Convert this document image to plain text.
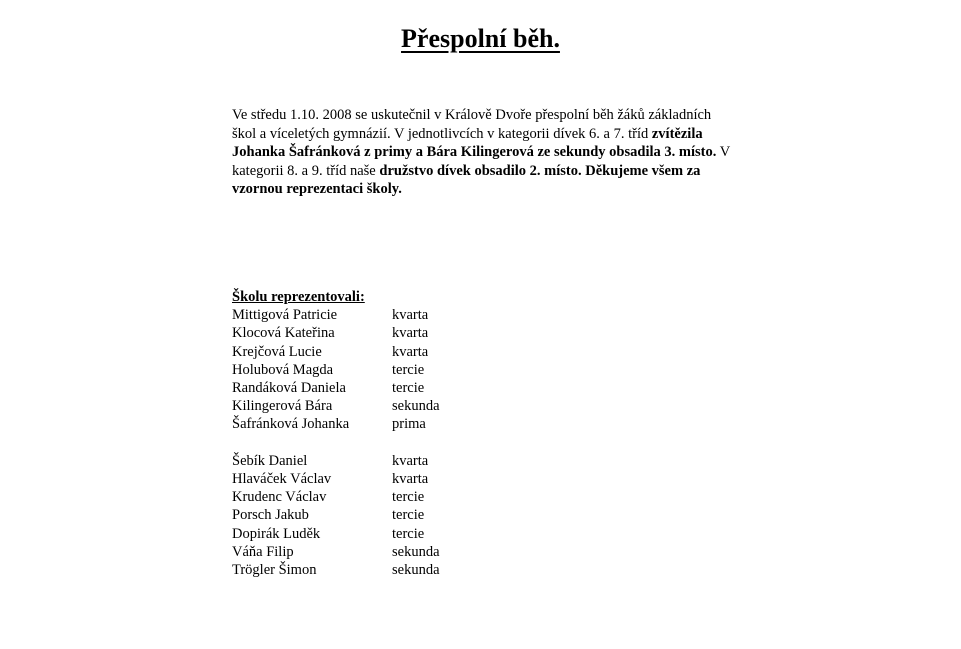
Přespolní běh.

Ve středu 1.10. 2008 se uskutečnil v Králově Dvoře přespolní běh žáků základních škol a víceletých gymnázií. V jednotlivcích v kategorii dívek 6. a 7. tříd zvítězila Johanka Šafránková z primy a Bára Kilingerová ze sekundy obsadila 3. místo. V kategorii 8. a 9. tříd naše družstvo dívek obsadilo 2. místo. Děkujeme všem za vzornou reprezentaci školy.

Školu reprezentovali:
Mittigová Patricie	kvarta
Klocová Kateřina	kvarta
Krejčová Lucie	kvarta
Holubová Magda	tercie
Randáková Daniela	tercie
Kilingerová Bára	sekunda
Šafránková Johanka	prima
Šebík Daniel	kvarta
Hlaváček Václav	kvarta
Krudenc Václav	tercie
Porsch Jakub	tercie
Dopirák Luděk	tercie
Váňa Filip	sekunda
Trögler Šimon	sekunda
